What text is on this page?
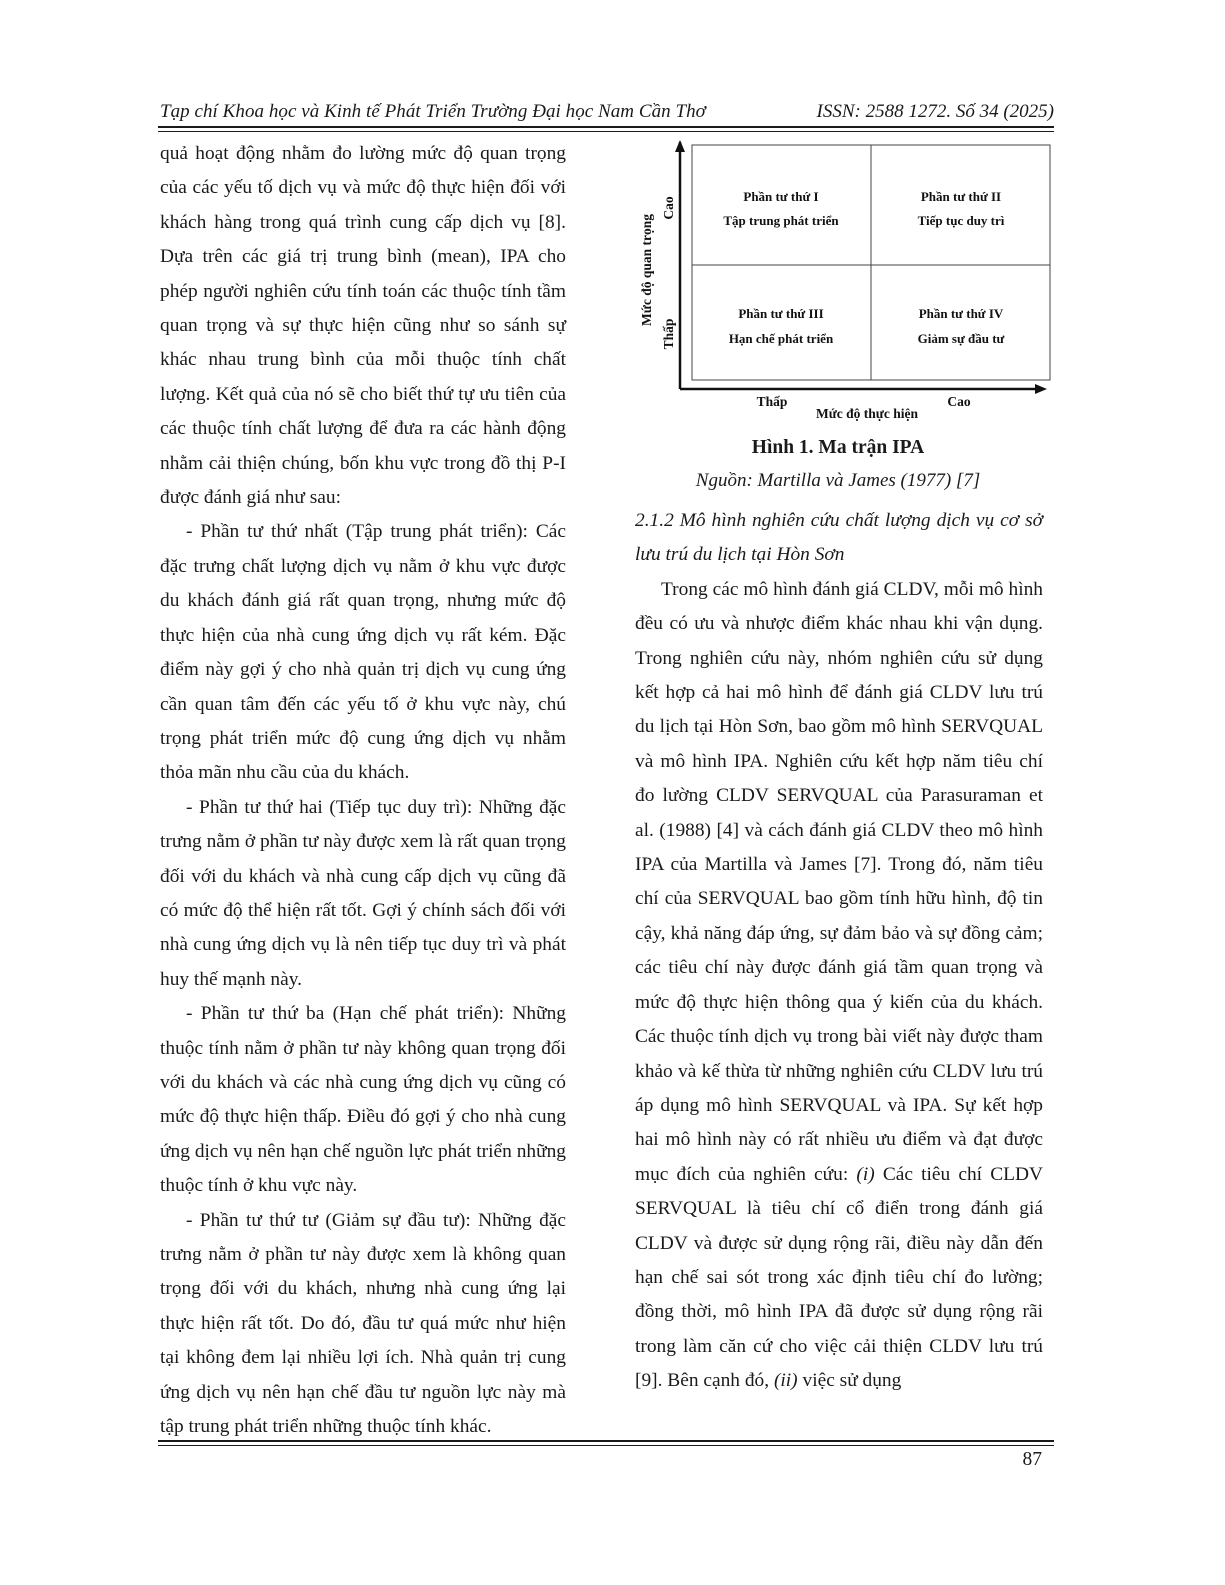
Tạp chí Khoa học và Kinh tế Phát Triển Trường Đại học Nam Cần Thơ	ISSN: 2588 1272. Số 34 (2025)

quả hoạt động nhằm đo lường mức độ quan trọng của các yếu tố dịch vụ và mức độ thực hiện đối với khách hàng trong quá trình cung cấp dịch vụ [8]. Dựa trên các giá trị trung bình (mean), IPA cho phép người nghiên cứu tính toán các thuộc tính tầm quan trọng và sự thực hiện cũng như so sánh sự khác nhau trung bình của mỗi thuộc tính chất lượng. Kết quả của nó sẽ cho biết thứ tự ưu tiên của các thuộc tính chất lượng để đưa ra các hành động nhằm cải thiện chúng, bốn khu vực trong đồ thị P-I được đánh giá như sau:

- Phần tư thứ nhất (Tập trung phát triển): Các đặc trưng chất lượng dịch vụ nằm ở khu vực được du khách đánh giá rất quan trọng, nhưng mức độ thực hiện của nhà cung ứng dịch vụ rất kém. Đặc điểm này gợi ý cho nhà quản trị dịch vụ cung ứng cần quan tâm đến các yếu tố ở khu vực này, chú trọng phát triển mức độ cung ứng dịch vụ nhằm thỏa mãn nhu cầu của du khách.

- Phần tư thứ hai (Tiếp tục duy trì): Những đặc trưng nằm ở phần tư này được xem là rất quan trọng đối với du khách và nhà cung cấp dịch vụ cũng đã có mức độ thể hiện rất tốt. Gợi ý chính sách đối với nhà cung ứng dịch vụ là nên tiếp tục duy trì và phát huy thế mạnh này.

- Phần tư thứ ba (Hạn chế phát triển): Những thuộc tính nằm ở phần tư này không quan trọng đối với du khách và các nhà cung ứng dịch vụ cũng có mức độ thực hiện thấp. Điều đó gợi ý cho nhà cung ứng dịch vụ nên hạn chế nguồn lực phát triển những thuộc tính ở khu vực này.

- Phần tư thứ tư (Giảm sự đầu tư): Những đặc trưng nằm ở phần tư này được xem là không quan trọng đối với du khách, nhưng nhà cung ứng lại thực hiện rất tốt. Do đó, đầu tư quá mức như hiện tại không đem lại nhiều lợi ích. Nhà quản trị cung ứng dịch vụ nên hạn chế đầu tư nguồn lực này mà tập trung phát triển những thuộc tính khác.

Phần tư thứ I
Tập trung phát triển
Phần tư thứ II
Tiếp tục duy trì
Phần tư thứ III
Hạn chế phát triển
Phần tư thứ IV
Giảm sự đầu tư
Mức độ quan trọng
Cao
Thấp
Thấp	Cao
Mức độ thực hiện
Hình 1. Ma trận IPA
Nguồn: Martilla và James (1977) [7]

2.1.2 Mô hình nghiên cứu chất lượng dịch vụ cơ sở lưu trú du lịch tại Hòn Sơn

Trong các mô hình đánh giá CLDV, mỗi mô hình đều có ưu và nhược điểm khác nhau khi vận dụng. Trong nghiên cứu này, nhóm nghiên cứu sử dụng kết hợp cả hai mô hình để đánh giá CLDV lưu trú du lịch tại Hòn Sơn, bao gồm mô hình SERVQUAL và mô hình IPA. Nghiên cứu kết hợp năm tiêu chí đo lường CLDV SERVQUAL của Parasuraman et al. (1988) [4] và cách đánh giá CLDV theo mô hình IPA của Martilla và James [7]. Trong đó, năm tiêu chí của SERVQUAL bao gồm tính hữu hình, độ tin cậy, khả năng đáp ứng, sự đảm bảo và sự đồng cảm; các tiêu chí này được đánh giá tầm quan trọng và mức độ thực hiện thông qua ý kiến của du khách. Các thuộc tính dịch vụ trong bài viết này được tham khảo và kế thừa từ những nghiên cứu CLDV lưu trú áp dụng mô hình SERVQUAL và IPA. Sự kết hợp hai mô hình này có rất nhiều ưu điểm và đạt được mục đích của nghiên cứu: (i) Các tiêu chí CLDV SERVQUAL là tiêu chí cổ điển trong đánh giá CLDV và được sử dụng rộng rãi, điều này dẫn đến hạn chế sai sót trong xác định tiêu chí đo lường; đồng thời, mô hình IPA đã được sử dụng rộng rãi trong làm căn cứ cho việc cải thiện CLDV lưu trú [9]. Bên cạnh đó, (ii) việc sử dụng

87
